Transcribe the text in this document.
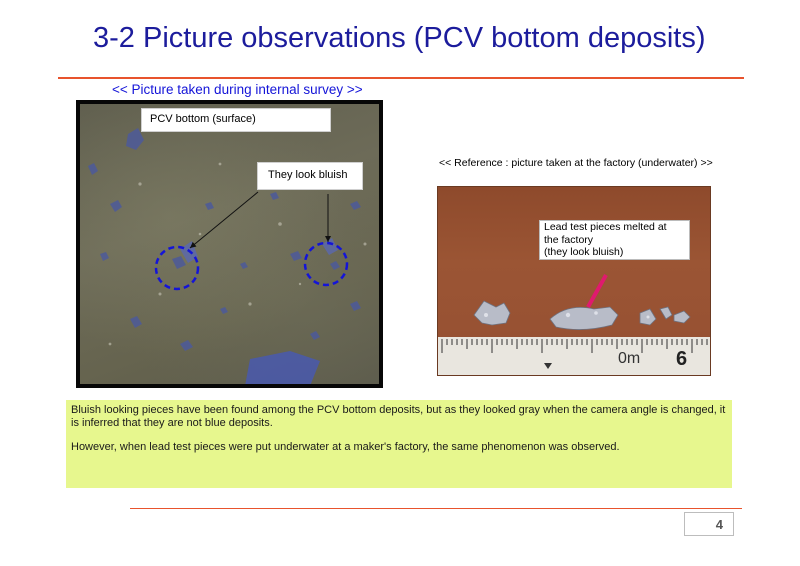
3-2 Picture observations (PCV bottom deposits)
<< Picture taken during internal survey >>
PCV bottom (surface)
They look bluish
<< Reference : picture taken at the factory (underwater) >>
0m 6
Lead test pieces melted at
the factory
(they look bluish)

Bluish looking pieces have been found among the PCV bottom deposits, but as they looked gray when the camera angle is changed, it is inferred that they are not blue deposits.

However, when lead test pieces were put underwater at a maker's factory, the same phenomenon was observed.

4
